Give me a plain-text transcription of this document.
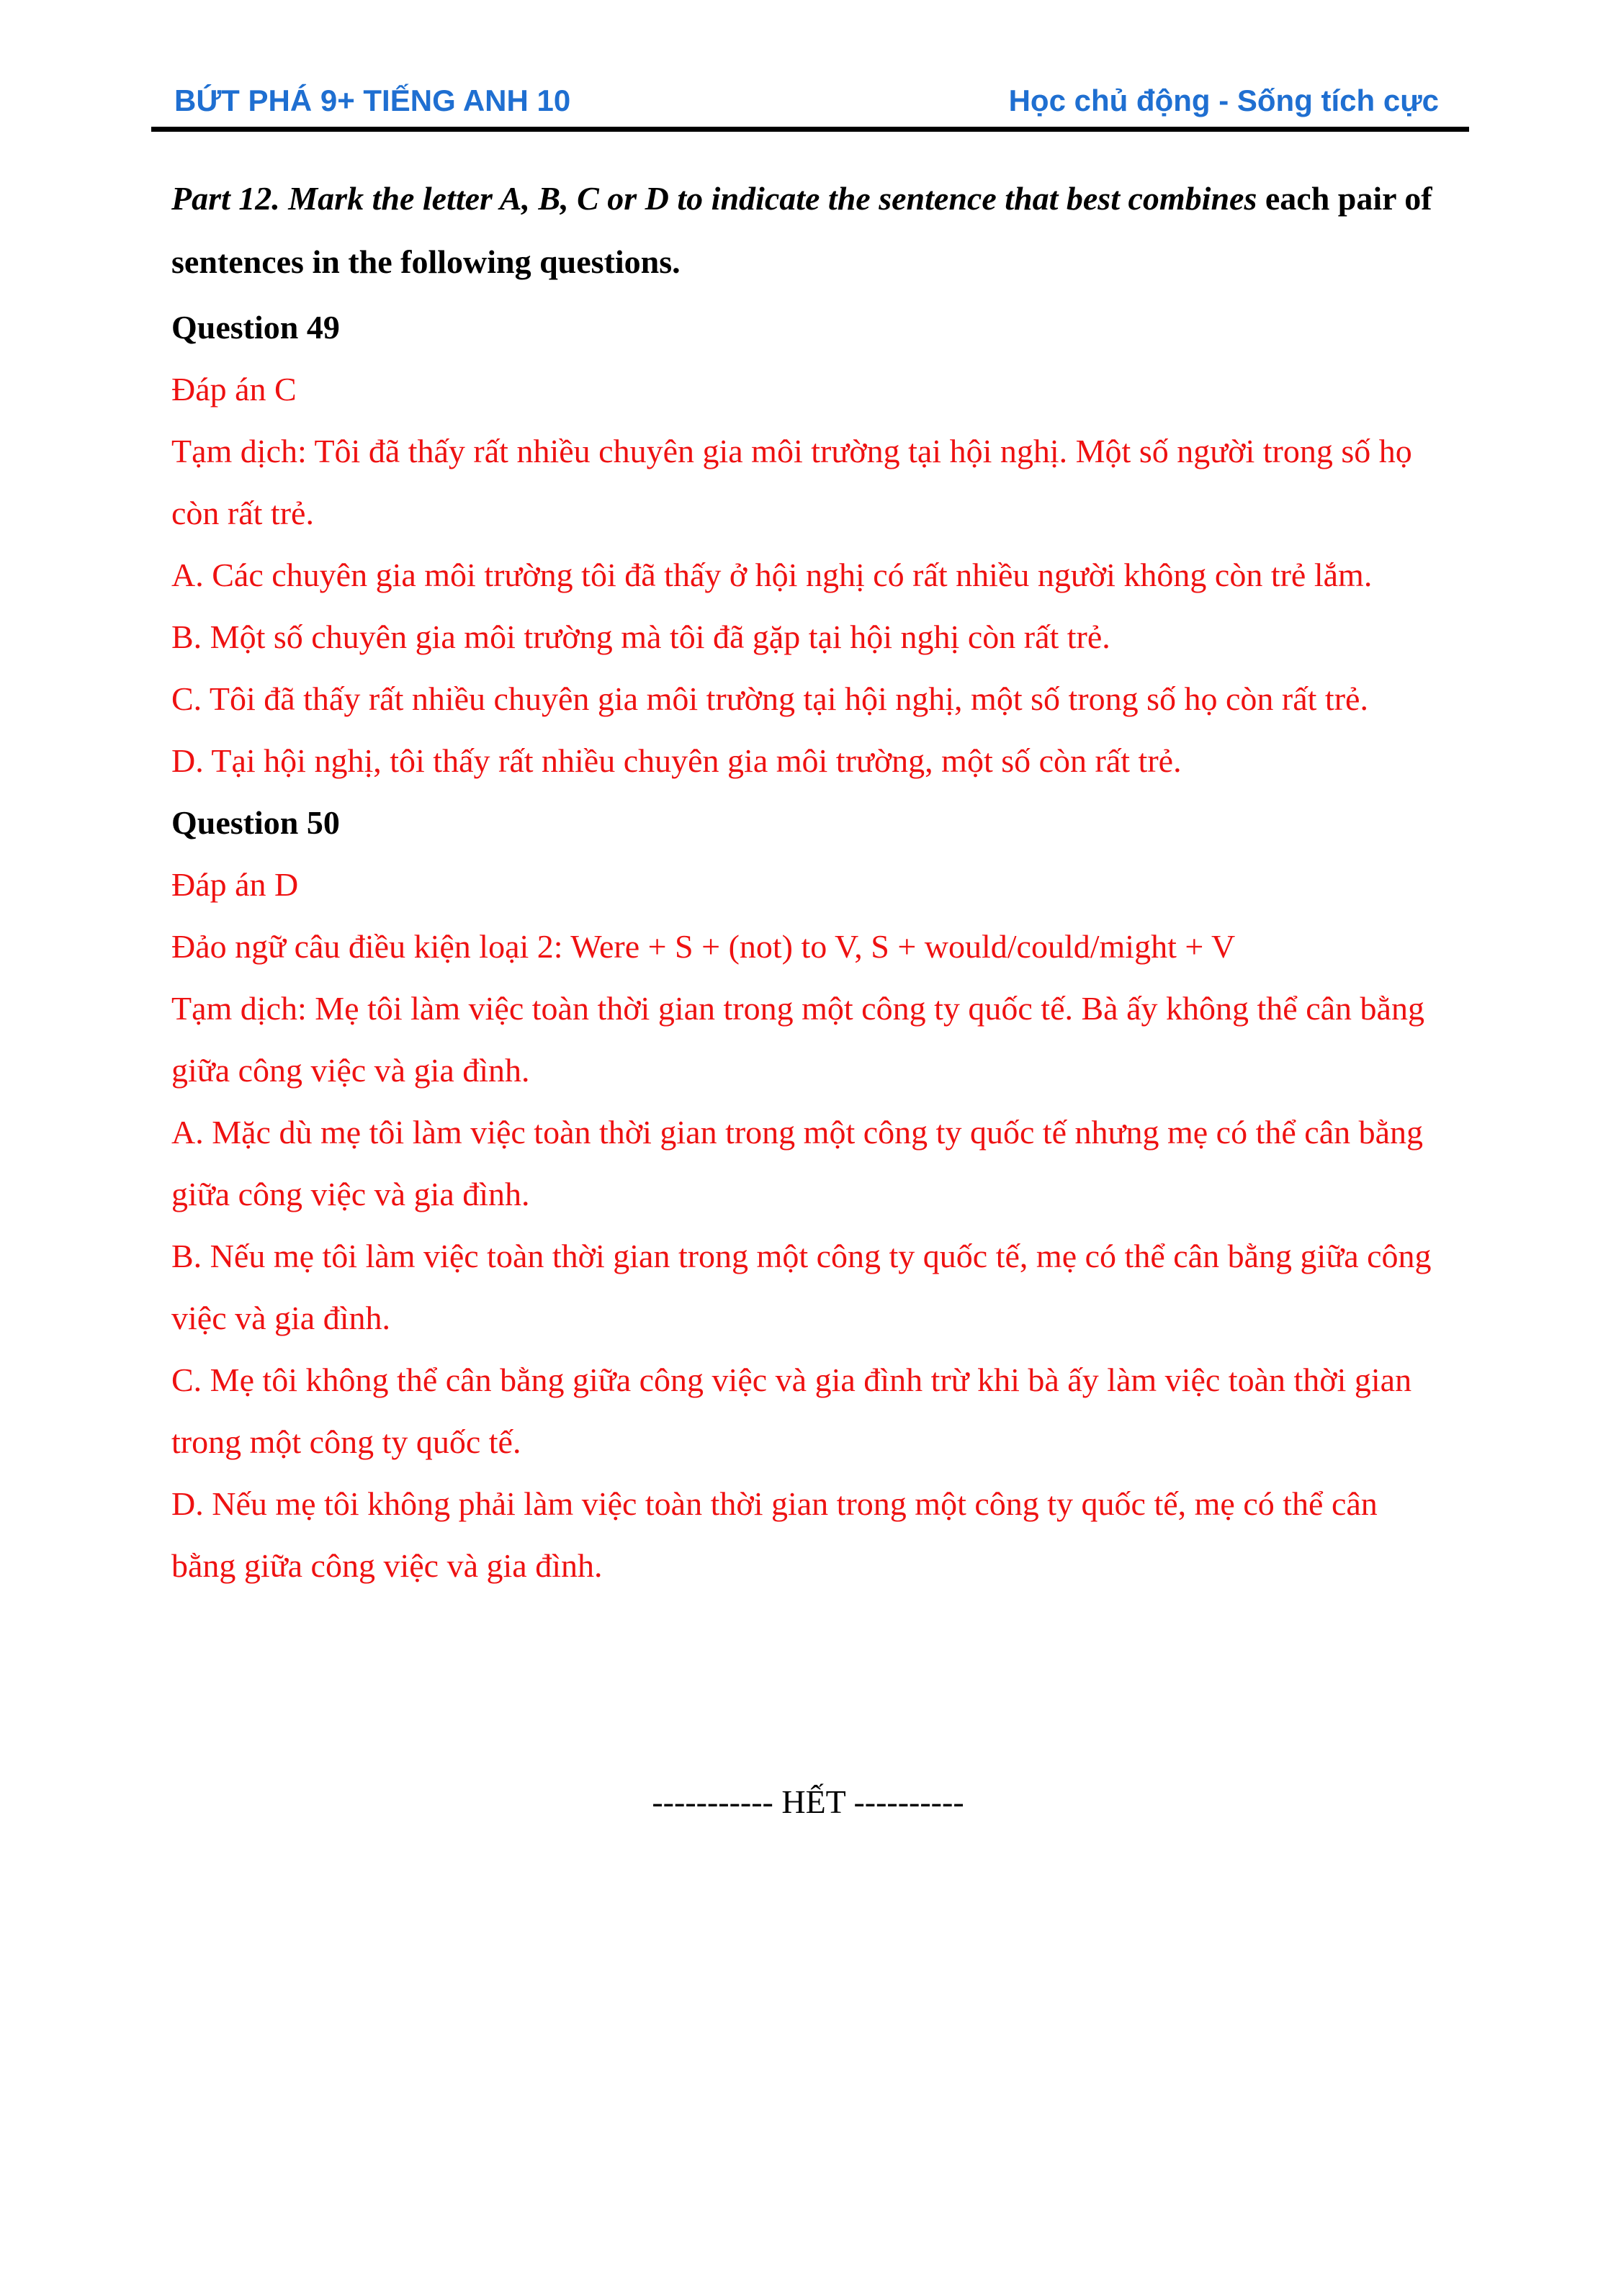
BỨT PHÁ 9+ TIẾNG ANH 10	Học chủ động - Sống tích cực

Part 12. Mark the letter A, B, C or D to indicate the sentence that best combines each pair of sentences in the following questions.

Question 49

Đáp án C

Tạm dịch: Tôi đã thấy rất nhiều chuyên gia môi trường tại hội nghị. Một số người trong số họ còn rất trẻ.

A. Các chuyên gia môi trường tôi đã thấy ở hội nghị có rất nhiều người không còn trẻ lắm.

B. Một số chuyên gia môi trường mà tôi đã gặp tại hội nghị còn rất trẻ.

C. Tôi đã thấy rất nhiều chuyên gia môi trường tại hội nghị, một số trong số họ còn rất trẻ.

D. Tại hội nghị, tôi thấy rất nhiều chuyên gia môi trường, một số còn rất trẻ.

Question 50

Đáp án D

Đảo ngữ câu điều kiện loại 2: Were + S + (not) to V, S + would/could/might + V

Tạm dịch: Mẹ tôi làm việc toàn thời gian trong một công ty quốc tế. Bà ấy không thể cân bằng giữa công việc và gia đình.

A. Mặc dù mẹ tôi làm việc toàn thời gian trong một công ty quốc tế nhưng mẹ có thể cân bằng giữa công việc và gia đình.

B. Nếu mẹ tôi làm việc toàn thời gian trong một công ty quốc tế, mẹ có thể cân bằng giữa công việc và gia đình.

C. Mẹ tôi không thể cân bằng giữa công việc và gia đình trừ khi bà ấy làm việc toàn thời gian trong một công ty quốc tế.

D. Nếu mẹ tôi không phải làm việc toàn thời gian trong một công ty quốc tế, mẹ có thể cân bằng giữa công việc và gia đình.

----------- HẾT ----------
